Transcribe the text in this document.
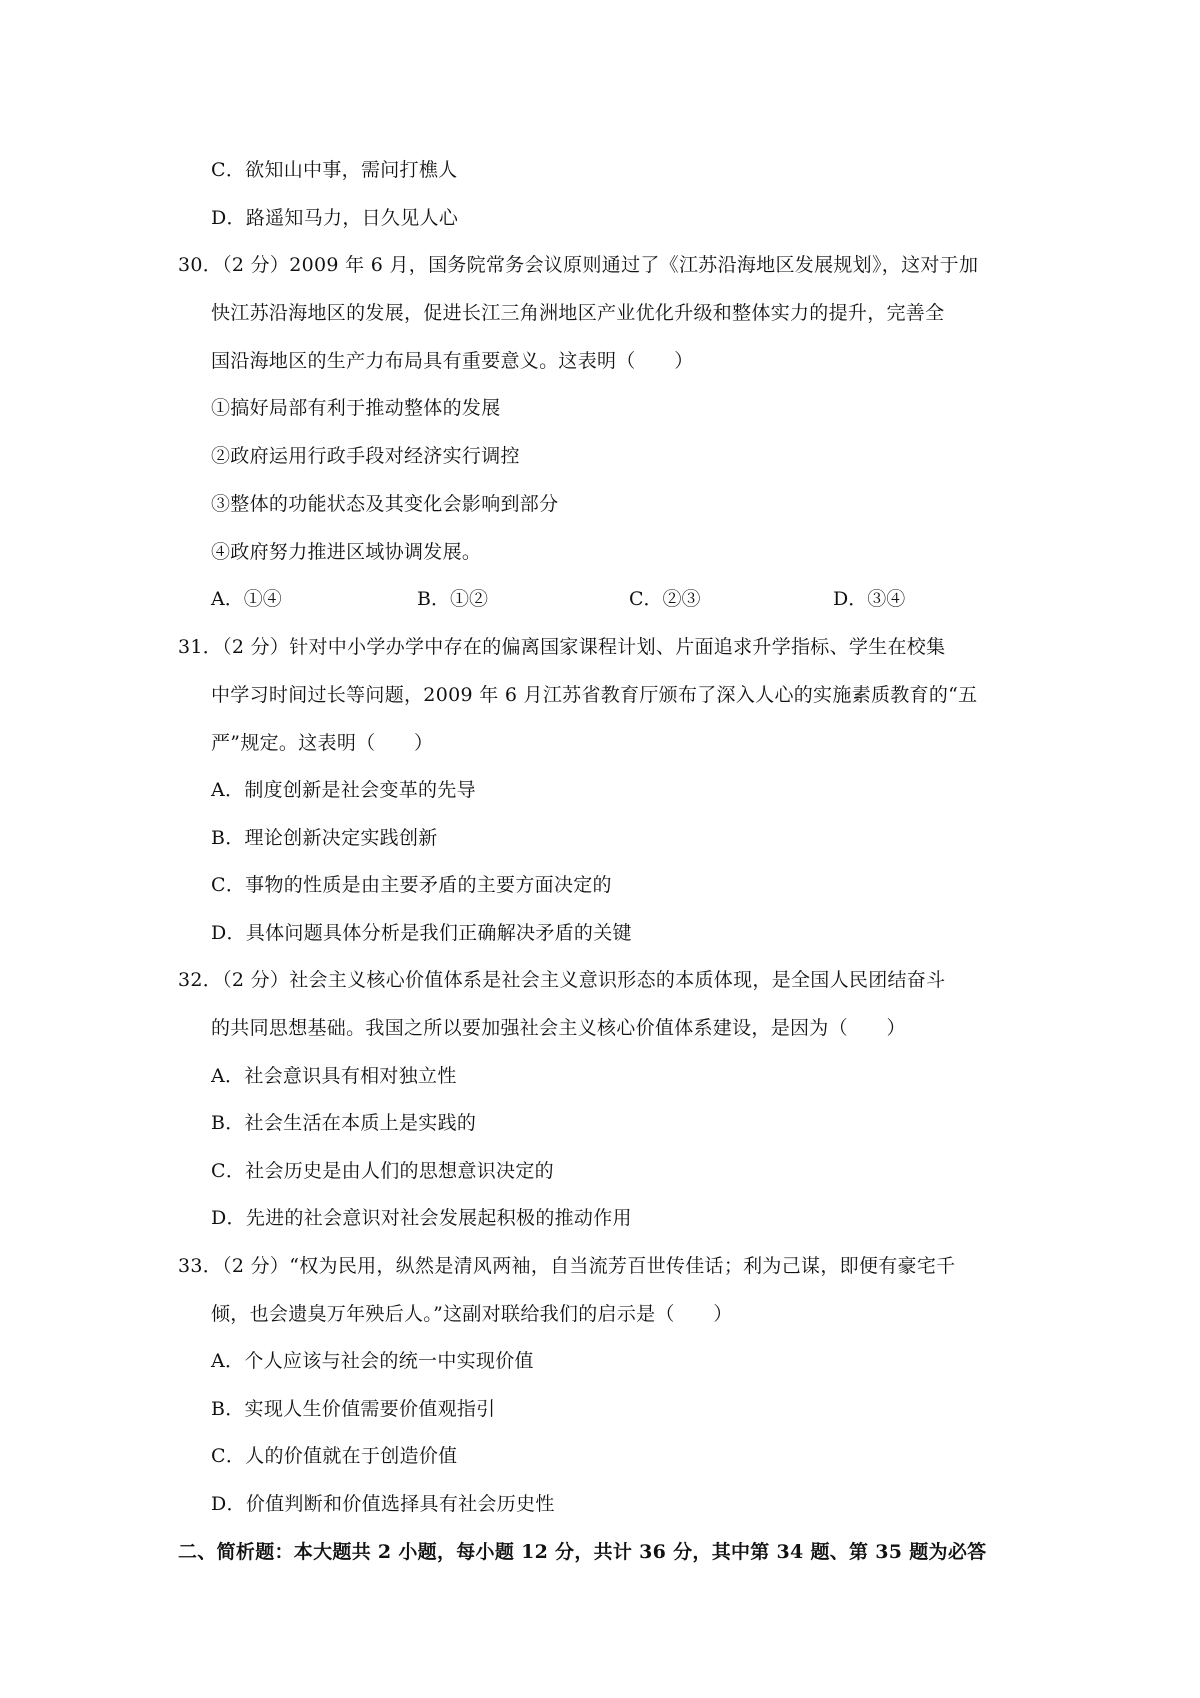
C．欲知山中事，需问打樵人
D．路遥知马力，日久见人心
30．（2 分）2009 年 6 月，国务院常务会议原则通过了《江苏沿海地区发展规划》，这对于加
快江苏沿海地区的发展，促进长江三角洲地区产业优化升级和整体实力的提升，完善全
国沿海地区的生产力布局具有重要意义。这表明（　　）
①搞好局部有利于推动整体的发展
②政府运用行政手段对经济实行调控
③整体的功能状态及其变化会影响到部分
④政府努力推进区域协调发展。
A．①④	B．①②	C．②③	D．③④
31．（2 分）针对中小学办学中存在的偏离国家课程计划、片面追求升学指标、学生在校集
中学习时间过长等问题，2009 年 6 月江苏省教育厅颁布了深入人心的实施素质教育的“五
严”规定。这表明（　　）
A．制度创新是社会变革的先导
B．理论创新决定实践创新
C．事物的性质是由主要矛盾的主要方面决定的
D．具体问题具体分析是我们正确解决矛盾的关键
32．（2 分）社会主义核心价值体系是社会主义意识形态的本质体现，是全国人民团结奋斗
的共同思想基础。我国之所以要加强社会主义核心价值体系建设，是因为（　　）
A．社会意识具有相对独立性
B．社会生活在本质上是实践的
C．社会历史是由人们的思想意识决定的
D．先进的社会意识对社会发展起积极的推动作用
33．（2 分）“权为民用，纵然是清风两袖，自当流芳百世传佳话；利为己谋，即便有豪宅千
倾，也会遗臭万年殃后人。”这副对联给我们的启示是（　　）
A．个人应该与社会的统一中实现价值
B．实现人生价值需要价值观指引
C．人的价值就在于创造价值
D．价值判断和价值选择具有社会历史性
二、简析题：本大题共 2 小题，每小题 12 分，共计 36 分，其中第 34 题、第 35 题为必答
